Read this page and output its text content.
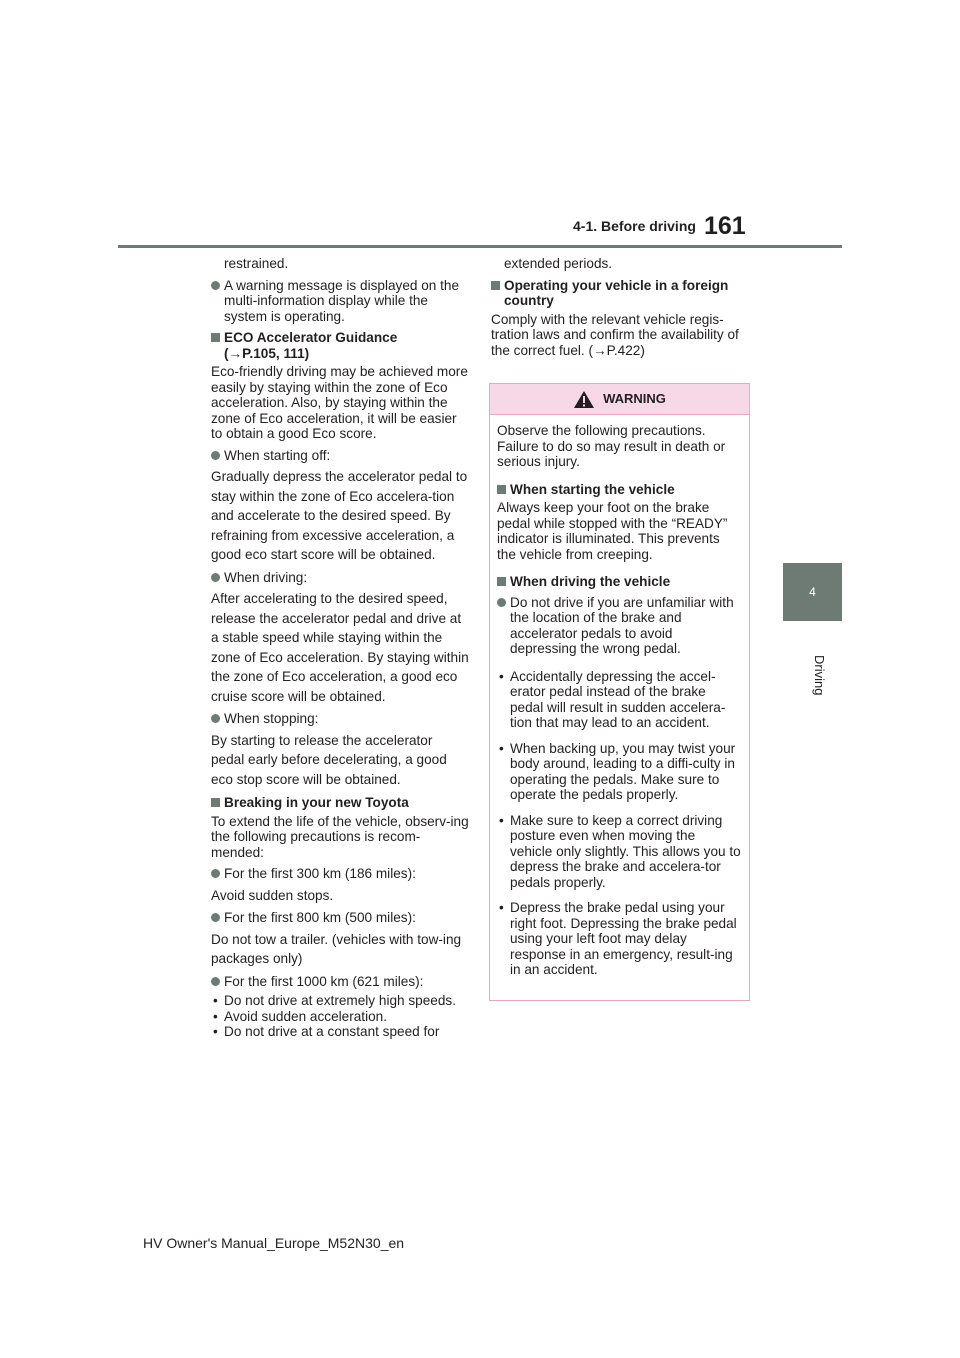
4-1. Before driving 161
4
Driving

restrained.

A warning message is displayed on the multi-information display while the system is operating.
ECO Accelerator Guidance
(→P.105, 111)

Eco-friendly driving may be achieved more easily by staying within the zone of Eco acceleration. Also, by staying within the zone of Eco acceleration, it will be easier to obtain a good Eco score.

When starting off:

Gradually depress the accelerator pedal to stay within the zone of Eco accelera-tion and accelerate to the desired speed. By refraining from excessive acceleration, a good eco start score will be obtained.

When driving:

After accelerating to the desired speed, release the accelerator pedal and drive at a stable speed while staying within the zone of Eco acceleration. By staying within the zone of Eco acceleration, a good eco cruise score will be obtained.

When stopping:

By starting to release the accelerator pedal early before decelerating, a good eco stop score will be obtained.

Breaking in your new Toyota

To extend the life of the vehicle, observ-ing the following precautions is recom-mended:

For the first 300 km (186 miles):

Avoid sudden stops.

For the first 800 km (500 miles):

Do not tow a trailer. (vehicles with tow-ing packages only)

For the first 1000 km (621 miles):
• Do not drive at extremely high speeds.
• Avoid sudden acceleration.
• Do not drive at a constant speed for

extended periods.

Operating your vehicle in a foreign country

Comply with the relevant vehicle regis-tration laws and confirm the availability of the correct fuel. (→P.422)

WARNING

Observe the following precautions. Failure to do so may result in death or serious injury.

When starting the vehicle

Always keep your foot on the brake pedal while stopped with the “READY” indicator is illuminated. This prevents the vehicle from creeping.

When driving the vehicle
Do not drive if you are unfamiliar with the location of the brake and accelerator pedals to avoid depressing the wrong pedal.
• Accidentally depressing the accel-erator pedal instead of the brake pedal will result in sudden accelera-tion that may lead to an accident.
• When backing up, you may twist your body around, leading to a diffi-culty in operating the pedals. Make sure to operate the pedals properly.
• Make sure to keep a correct driving posture even when moving the vehicle only slightly. This allows you to depress the brake and accelera-tor pedals properly.
• Depress the brake pedal using your right foot. Depressing the brake pedal using your left foot may delay response in an emergency, result-ing in an accident.
HV Owner's Manual_Europe_M52N30_en
